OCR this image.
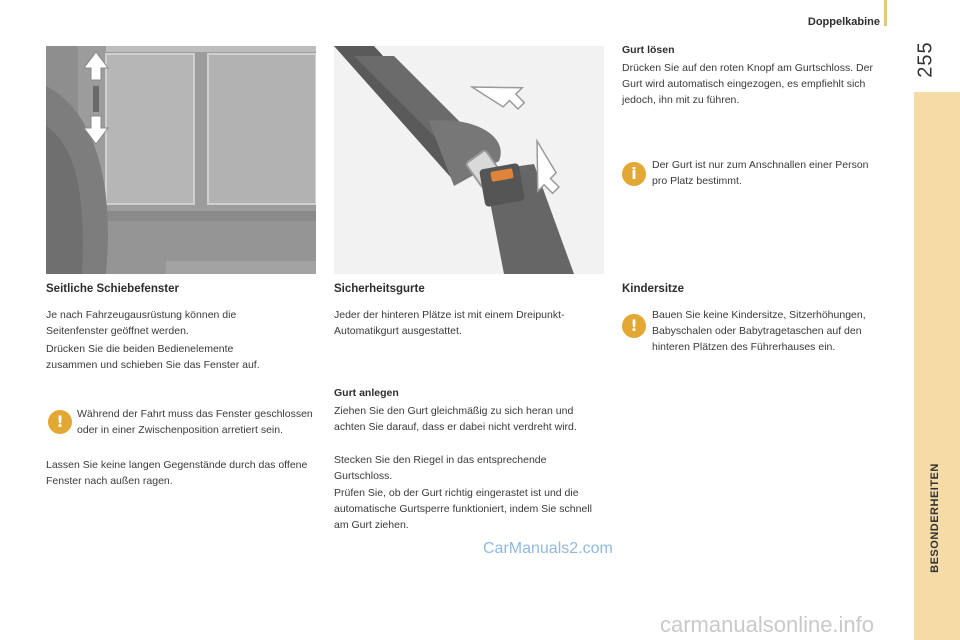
Doppelkabine
255
BESONDERHEITEN
Seitliche Schiebefenster
Je nach Fahrzeugausrüstung können die Seitenfenster geöffnet werden.
Drücken Sie die beiden Bedienelemente zusammen und schieben Sie das Fenster auf.
!	Während der Fahrt muss das Fenster geschlossen oder in einer Zwischenposition arretiert sein.
Lassen Sie keine langen Gegenstände durch das offene Fenster nach außen ragen.
Sicherheitsgurte
Jeder der hinteren Plätze ist mit einem Dreipunkt-Automatikgurt ausgestattet.
Gurt anlegen
Ziehen Sie den Gurt gleichmäßig zu sich heran und achten Sie darauf, dass er dabei nicht verdreht wird.
Stecken Sie den Riegel in das entsprechende Gurtschloss.
Prüfen Sie, ob der Gurt richtig eingerastet ist und die automatische Gurtsperre funktioniert, indem Sie schnell am Gurt ziehen.
Gurt lösen
Drücken Sie auf den roten Knopf am Gurtschloss. Der Gurt wird automatisch eingezogen, es empfiehlt sich jedoch, ihn mit zu führen.
i	Der Gurt ist nur zum Anschnallen einer Person pro Platz bestimmt.
Kindersitze
!
Bauen Sie keine Kindersitze, Sitzerhöhungen, Babyschalen oder Babytragetaschen auf den hinteren Plätzen des Führerhauses ein.
CarManuals2.com
carmanualsonline.info
